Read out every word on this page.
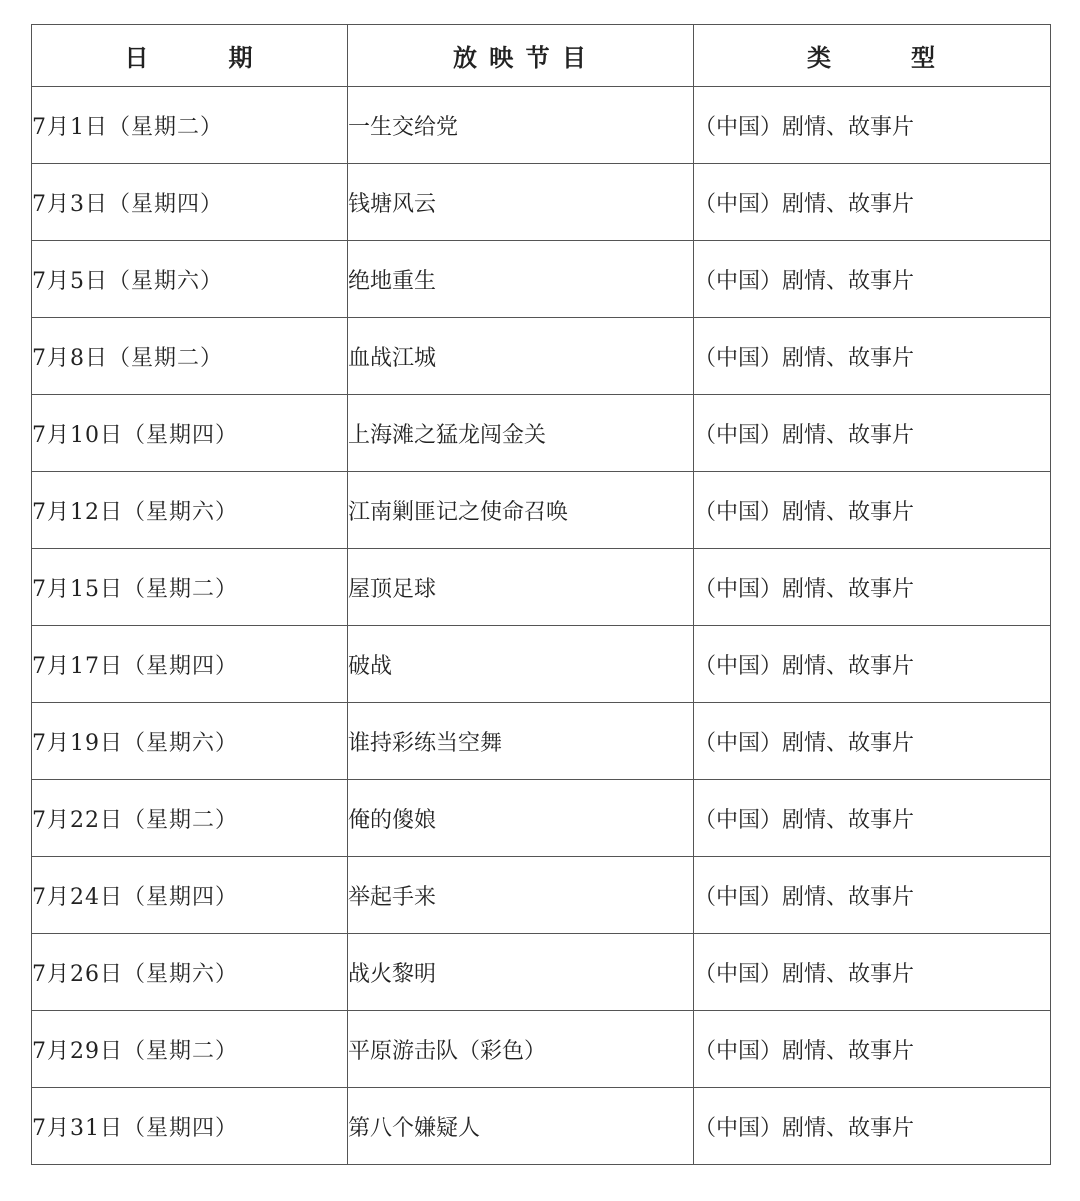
日　　　期	放 映 节 目	类　　　型
7月1日（星期二）	一生交给党	（中国）剧情、故事片
7月3日（星期四）	钱塘风云	（中国）剧情、故事片
7月5日（星期六）	绝地重生	（中国）剧情、故事片
7月8日（星期二）	血战江城	（中国）剧情、故事片
7月10日（星期四）	上海滩之猛龙闯金关	（中国）剧情、故事片
7月12日（星期六）	江南剿匪记之使命召唤	（中国）剧情、故事片
7月15日（星期二）	屋顶足球	（中国）剧情、故事片
7月17日（星期四）	破战	（中国）剧情、故事片
7月19日（星期六）	谁持彩练当空舞	（中国）剧情、故事片
7月22日（星期二）	俺的傻娘	（中国）剧情、故事片
7月24日（星期四）	举起手来	（中国）剧情、故事片
7月26日（星期六）	战火黎明	（中国）剧情、故事片
7月29日（星期二）	平原游击队（彩色）	（中国）剧情、故事片
7月31日（星期四）	第八个嫌疑人	（中国）剧情、故事片
